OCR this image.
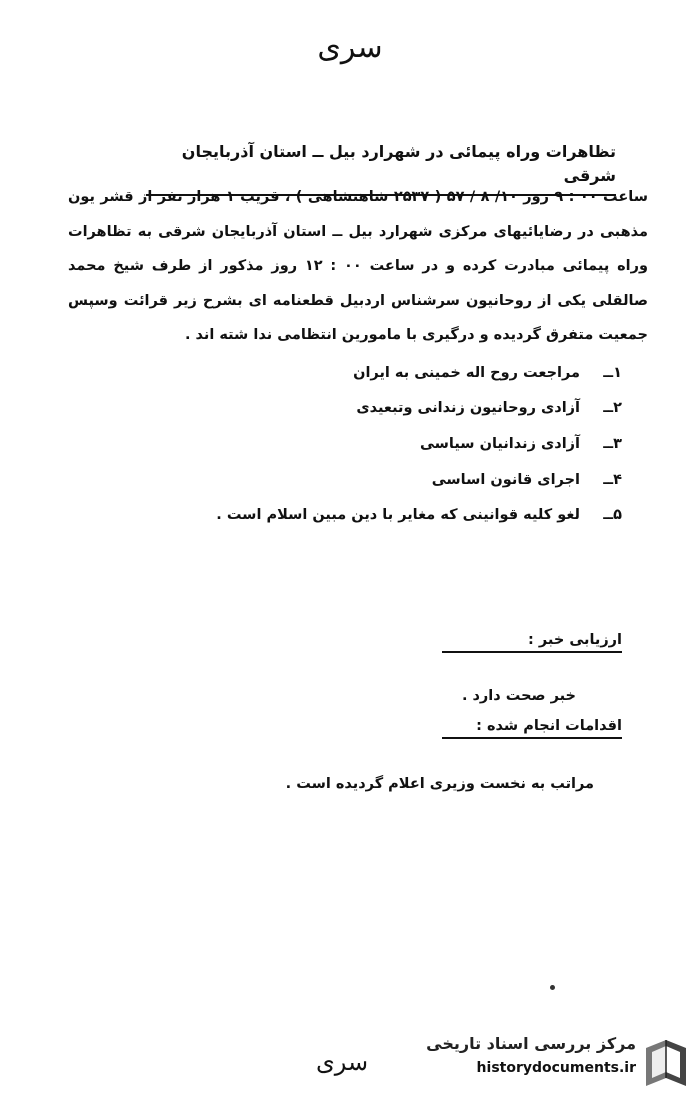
سری
تظاهرات وراه پیمائی در شهرارد بیل ــ استان آذربایجان شرقی
ساعت ۰۰ : ۹ روز ۱۰/ ۸ / ۵۷ ( ۲۵۳۷ شاهنشاهی ) ، قریب ۱ هزار نفر از قشر یون مذهبی در رضایائیهای مرکزی شهرارد بیل ــ استان آذربایجان شرقی به تظاهرات وراه پیمائی مبادرت کرده و در ساعت ۰۰ : ۱۲ روز مذکور از طرف شیخ محمد صالقلی یکی از روحانیون سرشناس اردبیل قطعنامه ای بشرح زیر قرائت وسپس جمعیت متفرق گردیده و درگیری با مامورین انتظامی ندا شته اند .
۱ــ
مراجعت روح اله خمینی به ایران
۲ــ
آزادی روحانیون زندانی وتبعیدی
۳ــ
آزادی زندانیان سیاسی
۴ــ
اجرای قانون اساسی
۵ــ
لغو کلیه قوانینی که مغایر با دین مبین اسلام است .
ارزیابی خبر :
خبر صحت دارد .
اقدامات انجام شده :
مراتب به نخست وزیری اعلام گردیده است .
سری
مرکز بررسی اسناد تاریخی
historydocuments.ir
